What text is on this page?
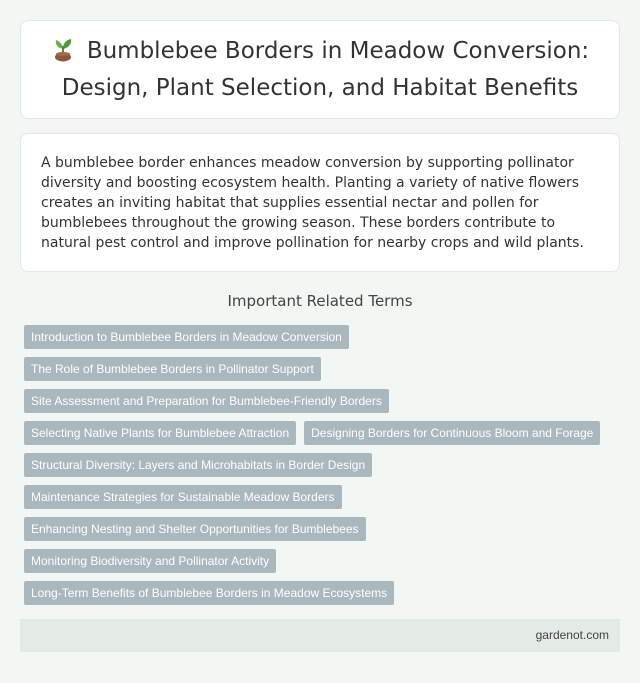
Bumblebee Borders in Meadow Conversion: Design, Plant Selection, and Habitat Benefits

A bumblebee border enhances meadow conversion by supporting pollinator diversity and boosting ecosystem health. Planting a variety of native flowers creates an inviting habitat that supplies essential nectar and pollen for bumblebees throughout the growing season. These borders contribute to natural pest control and improve pollination for nearby crops and wild plants.

Important Related Terms
Introduction to Bumblebee Borders in Meadow Conversion
The Role of Bumblebee Borders in Pollinator Support
Site Assessment and Preparation for Bumblebee-Friendly Borders
Selecting Native Plants for Bumblebee Attraction	Designing Borders for Continuous Bloom and Forage
Structural Diversity: Layers and Microhabitats in Border Design
Maintenance Strategies for Sustainable Meadow Borders
Enhancing Nesting and Shelter Opportunities for Bumblebees
Monitoring Biodiversity and Pollinator Activity
Long-Term Benefits of Bumblebee Borders in Meadow Ecosystems
gardenot.com
